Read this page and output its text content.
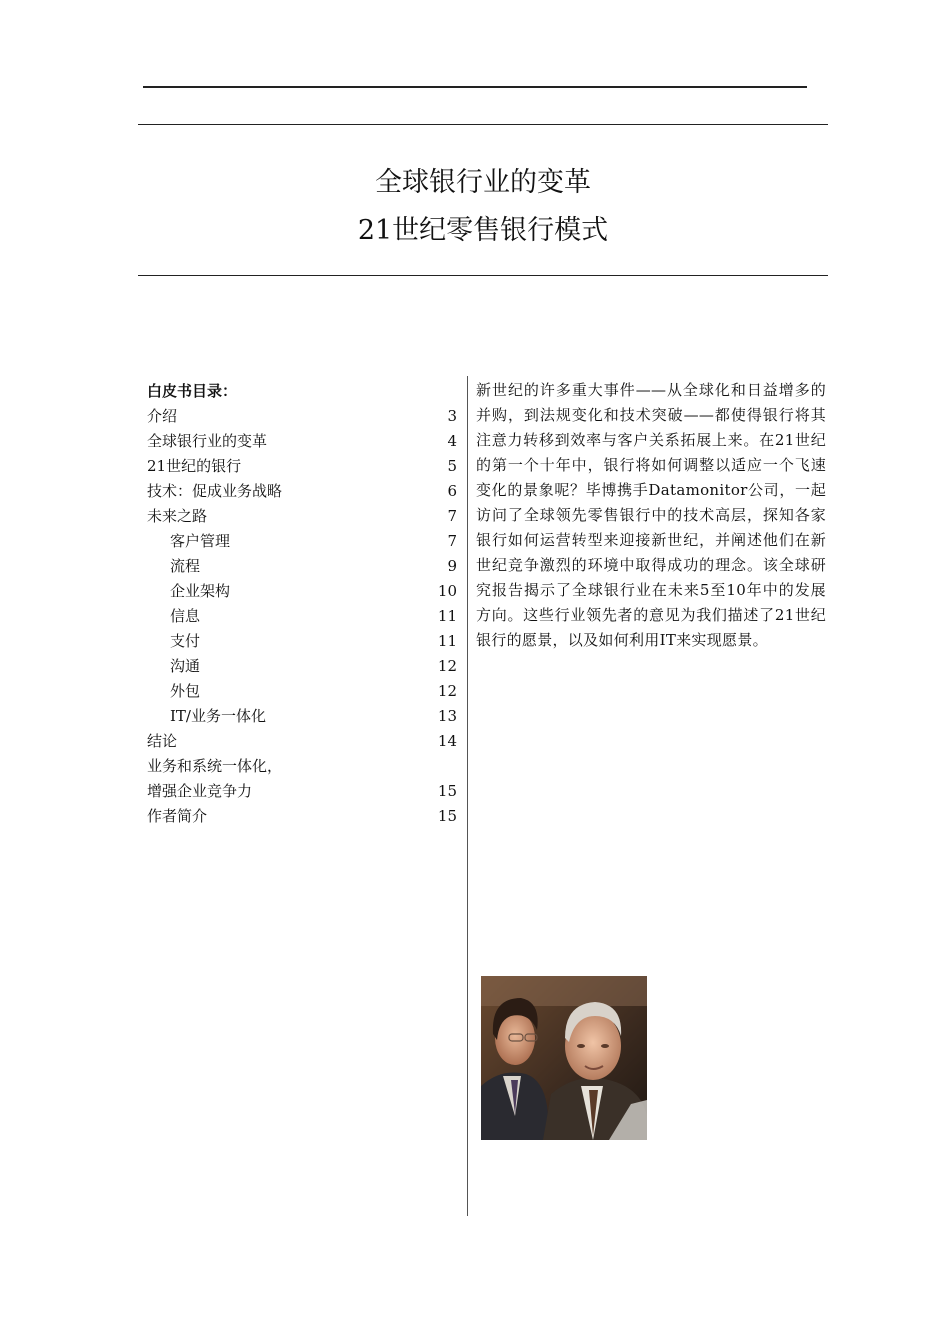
全球银行业的变革
21世纪零售银行模式
白皮书目录：
介绍	3
全球银行业的变革	4
21世纪的银行	5
技术：促成业务战略	6
未来之路	7
客户管理	7
流程	9
企业架构	10
信息	11
支付	11
沟通	12
外包	12
IT/业务一体化	13
结论	14
业务和系统一体化，
增强企业竞争力	15
作者简介	15

新世纪的许多重大事件——从全球化和日益增多的并购，到法规变化和技术突破——都使得银行将其注意力转移到效率与客户关系拓展上来。在21世纪的第一个十年中，银行将如何调整以适应一个飞速变化的景象呢？毕博携手Datamonitor公司，一起访问了全球领先零售银行中的技术高层，探知各家银行如何运营转型来迎接新世纪，并阐述他们在新世纪竞争激烈的环境中取得成功的理念。该全球研究报告揭示了全球银行业在未来5至10年中的发展方向。这些行业领先者的意见为我们描述了21世纪银行的愿景，以及如何利用IT来实现愿景。
